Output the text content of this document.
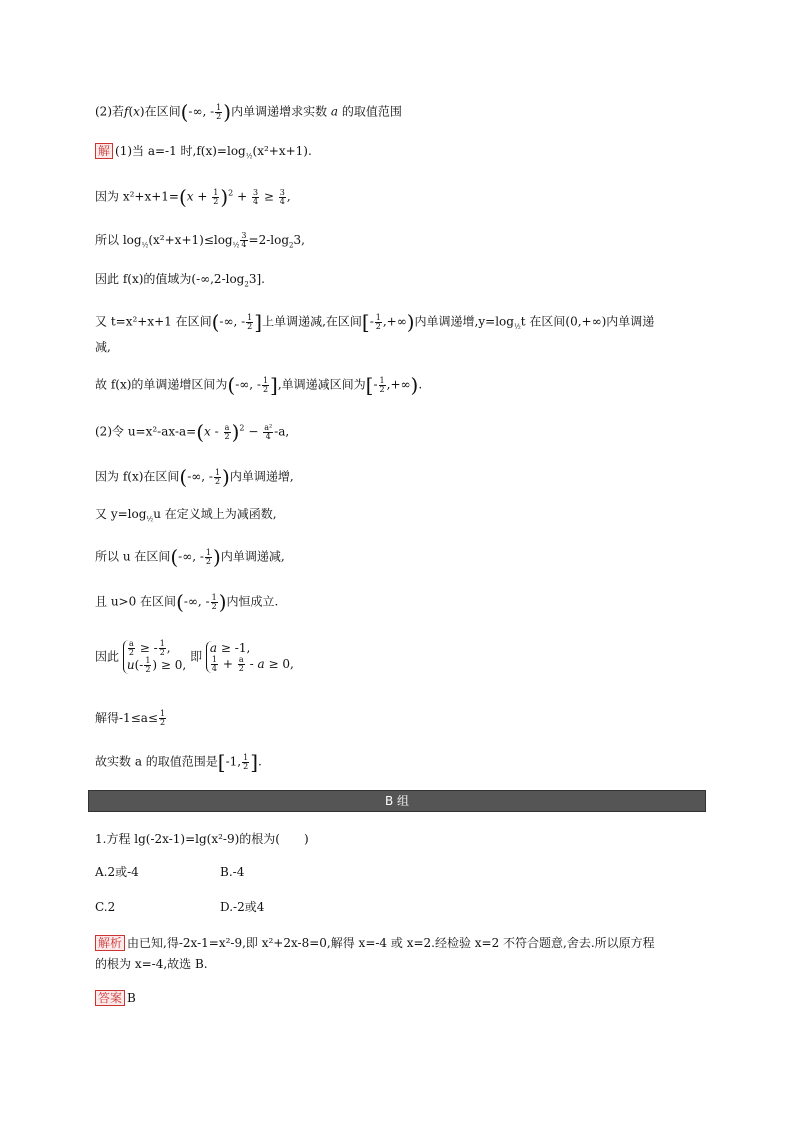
(2)若f(x)在区间(-∞, - $\frac{1}{2}$ )内单调递增求实数 a 的取值范围
解 (1)当 a=-1 时$,f(x)=\log_{\frac{1}{2}}(x^2+x+1)$.
因为 $x^2+x+1=(x + \frac{1}{2} )^2 + \frac{3}{4} \ge \frac{3}{4}$ ,
所以 $\log_{\frac{1}{2}}(x^2+x+1)\le\log_{\frac{1}{2}} \frac{3}{4} =2-\log_23$,
因此 f(x)的值域为$(-\infty,2-\log_23]$.
又 t=x²+x+1 在区间(-∞, - $\frac{1}{2}$ ]上单调递减,在区间[- $\frac{1}{2}$ ,+∞)内单调递增$,y=\log_{\frac{1}{2}}t$ 在区间(0,+∞)内单调递
减,
故 f(x)的单调递增区间为(-∞, - $\frac{1}{2}$ ],单调递减区间为[- $\frac{1}{2}$ ,+∞).
(2)令 $u=x^2-ax-a=(x - \frac{a}{2} )^2 - \frac{\text{a²}}{4} -a$,
因为 f(x)在区间(-∞, - $\frac{1}{2}$ )内单调递增,
又 $y=\log_{\frac{1}{2}}u$ 在定义域上为减函数,
所以 u 在区间(-∞, - $\frac{1}{2}$ )内单调递减,
且 u>0 在区间(-∞, - $\frac{1}{2}$ )内恒成立.
因此 $\frac{a}{2}$ ≥ - $\frac{1}{2}$ ,
$u(- \frac{1}{2}$ ) ≥ 0, 即 a ≥ -1,

$\frac{1}{4} + \frac{a}{2} - a \ge 0$,
解得$-1\le a\le \frac{1}{2}$
故实数 a 的取值范围是[-1, $\frac{1}{2}$ ].
B 组
1.方程 lg(-2x-1)=lg(x²-9)的根为(　　)
A.2或-4	B.-4
C.2	D.-2或4
解析 由已知,得-2x-1=x²-9,即 x²+2x-8=0,解得 x=-4 或 x=2.经检验 x=2 不符合题意,舍去.所以原方程
的根为 x=-4,故选 B.
答案 B
